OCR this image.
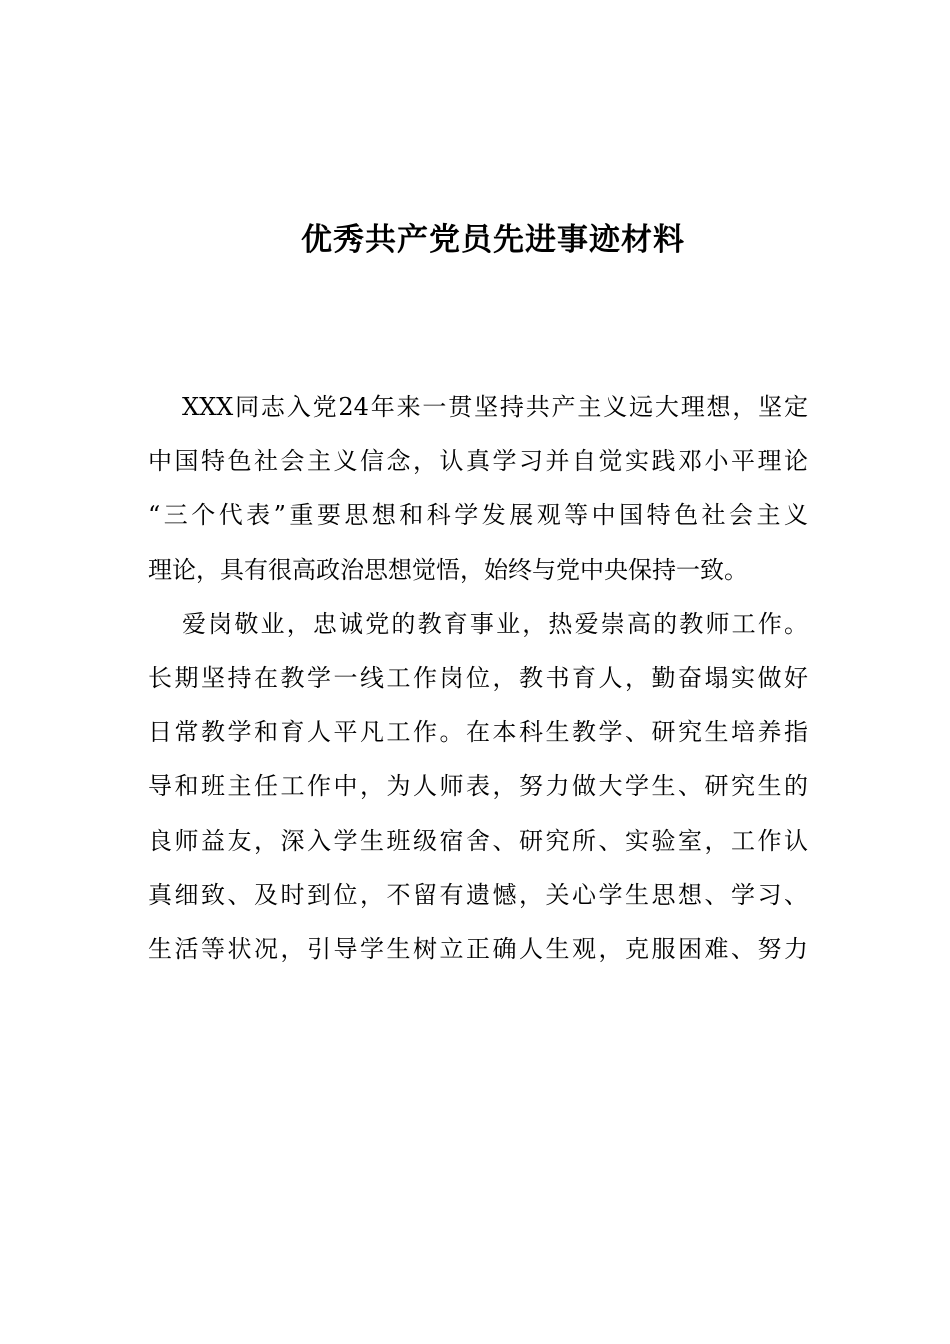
优秀共产党员先进事迹材料
XXX同志入党24年来一贯坚持共产主义远大理想，坚定
中国特色社会主义信念，认真学习并自觉实践邓小平理论
“三个代表”重要思想和科学发展观等中国特色社会主义
理论，具有很高政治思想觉悟，始终与党中央保持一致。
爱岗敬业，忠诚党的教育事业，热爱崇高的教师工作。
长期坚持在教学一线工作岗位，教书育人，勤奋塌实做好
日常教学和育人平凡工作。在本科生教学、研究生培养指
导和班主任工作中，为人师表，努力做大学生、研究生的
良师益友，深入学生班级宿舍、研究所、实验室，工作认
真细致、及时到位，不留有遗憾，关心学生思想、学习、
生活等状况，引导学生树立正确人生观，克服困难、努力
